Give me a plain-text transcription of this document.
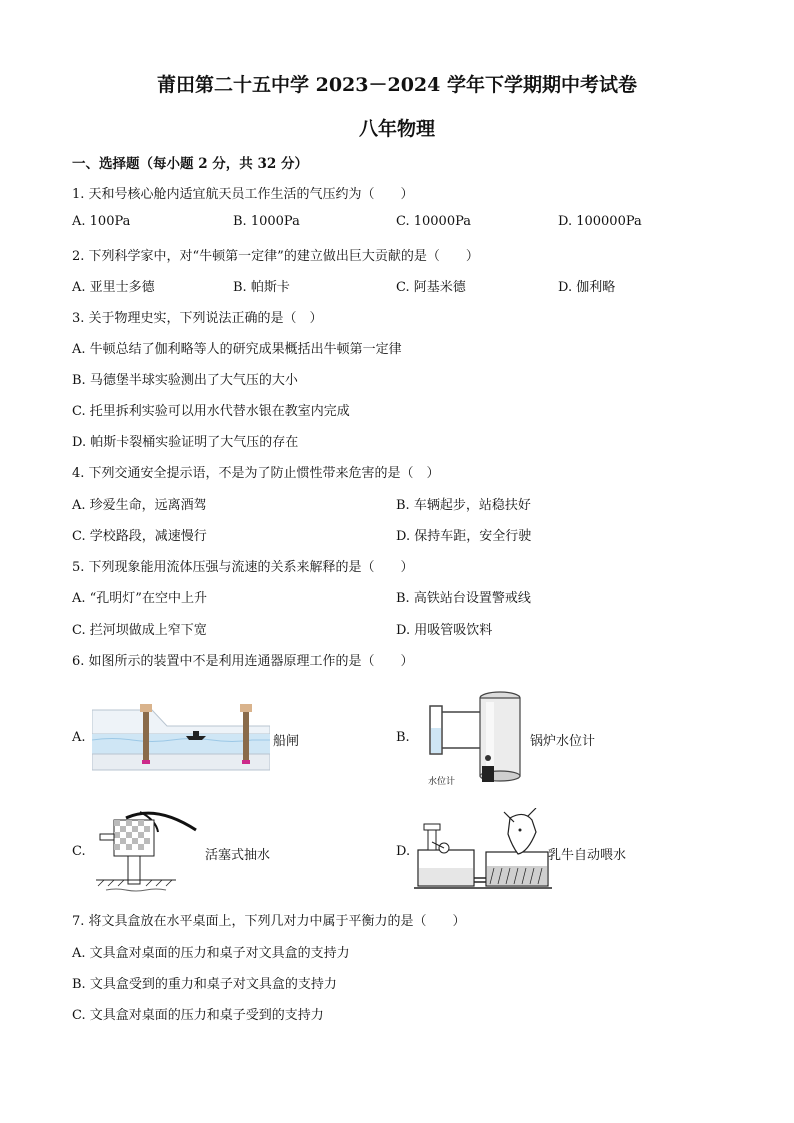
莆田第二十五中学 2023－2024 学年下学期期中考试卷
八年物理
一、选择题（每小题 2 分，共 32 分）
1. 天和号核心舱内适宜航天员工作生活的气压约为（　　）
A. 100Pa	B. 1000Pa	C. 10000Pa	D. 100000Pa
2. 下列科学家中，对“牛顿第一定律”的建立做出巨大贡献的是（　　）
A. 亚里士多德	B. 帕斯卡	C. 阿基米德	D. 伽利略
3. 关于物理史实，下列说法正确的是（　）
A. 牛顿总结了伽利略等人的研究成果概括出牛顿第一定律
B. 马德堡半球实验测出了大气压的大小
C. 托里拆利实验可以用水代替水银在教室内完成
D. 帕斯卡裂桶实验证明了大气压的存在
4. 下列交通安全提示语，不是为了防止惯性带来危害的是（　）
A. 珍爱生命，远离酒驾	B. 车辆起步，站稳扶好
C. 学校路段，减速慢行	D. 保持车距，安全行驶
5. 下列现象能用流体压强与流速的关系来解释的是（　　）
A. “孔明灯”在空中上升	B. 高铁站台设置警戒线
C. 拦河坝做成上窄下宽	D. 用吸管吸饮料
6. 如图所示的装置中不是利用连通器原理工作的是（　　）
A.	船闸	B.
水位计
锅炉水位计
C.	活塞式抽水	D.	乳牛自动喂水
7. 将文具盒放在水平桌面上，下列几对力中属于平衡力的是（　　）
A. 文具盒对桌面的压力和桌子对文具盒的支持力
B. 文具盒受到的重力和桌子对文具盒的支持力
C. 文具盒对桌面的压力和桌子受到的支持力
